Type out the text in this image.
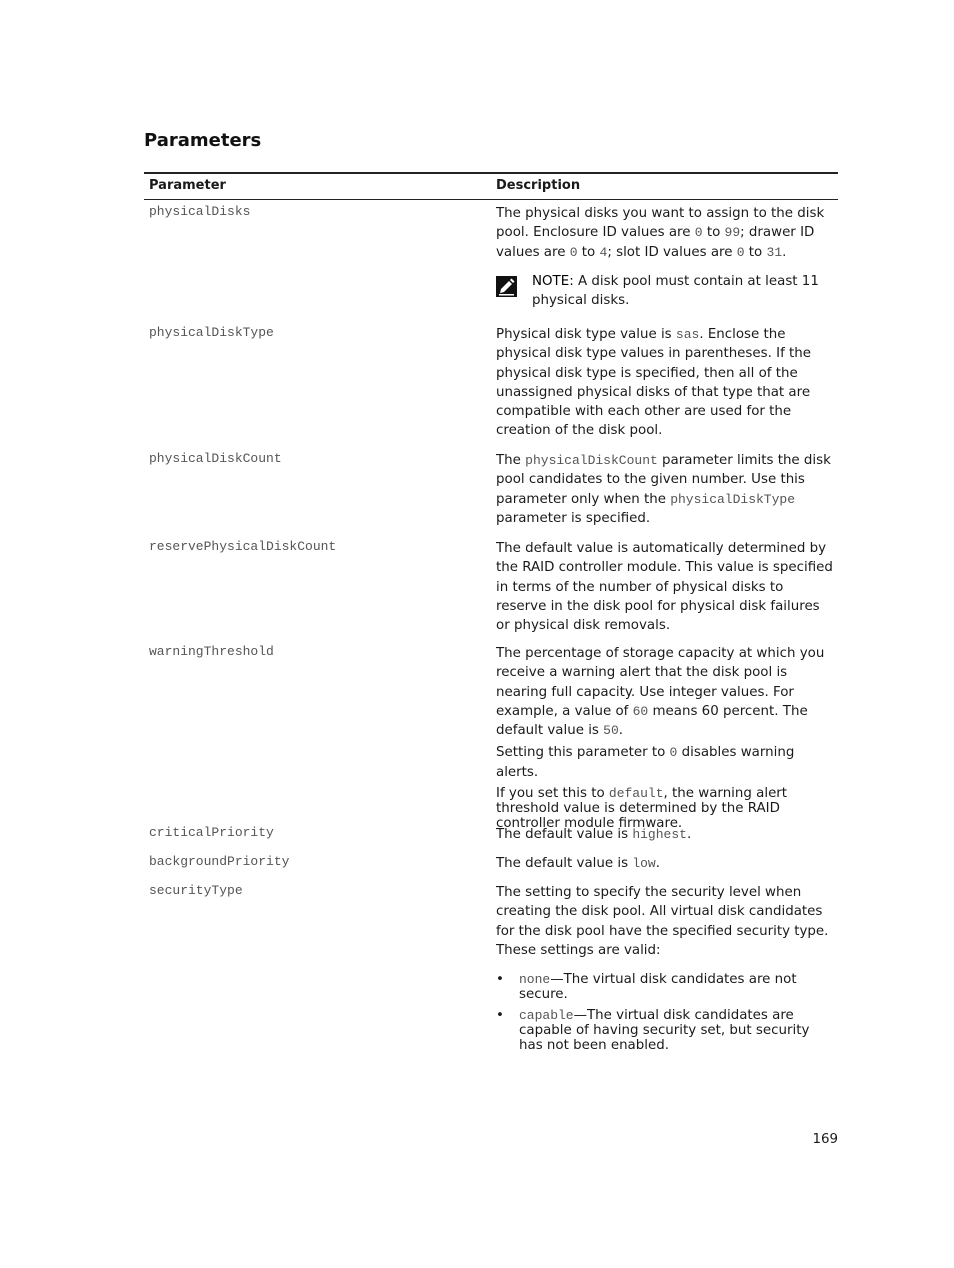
Parameters
Parameter	Description
physicalDisks	The physical disks you want to assign to the disk pool. Enclosure ID values are 0 to 99; drawer ID values are 0 to 4; slot ID values are 0 to 31.

NOTE: A disk pool must contain at least 11 physical disks.
physicalDiskType	Physical disk type value is sas. Enclose the physical disk type values in parentheses. If the physical disk type is specified, then all of the unassigned physical disks of that type that are compatible with each other are used for the creation of the disk pool.

physicalDiskCount	The physicalDiskCount parameter limits the disk pool candidates to the given number. Use this parameter only when the physicalDiskType parameter is specified.

reservePhysicalDiskCount	The default value is automatically determined by the RAID controller module. This value is specified in terms of the number of physical disks to reserve in the disk pool for physical disk failures or physical disk removals.

warningThreshold	The percentage of storage capacity at which you receive a warning alert that the disk pool is nearing full capacity. Use integer values. For example, a value of 60 means 60 percent. The default value is 50.

Setting this parameter to 0 disables warning alerts.

If you set this to default, the warning alert threshold value is determined by the RAID controller module firmware.

criticalPriority	The default value is highest.

backgroundPriority	The default value is low.

securityType	The setting to specify the security level when creating the disk pool. All virtual disk candidates for the disk pool have the specified security type.

These settings are valid:

• none—The virtual disk candidates are not secure.
• capable—The virtual disk candidates are capable of having security set, but security has not been enabled.
169
